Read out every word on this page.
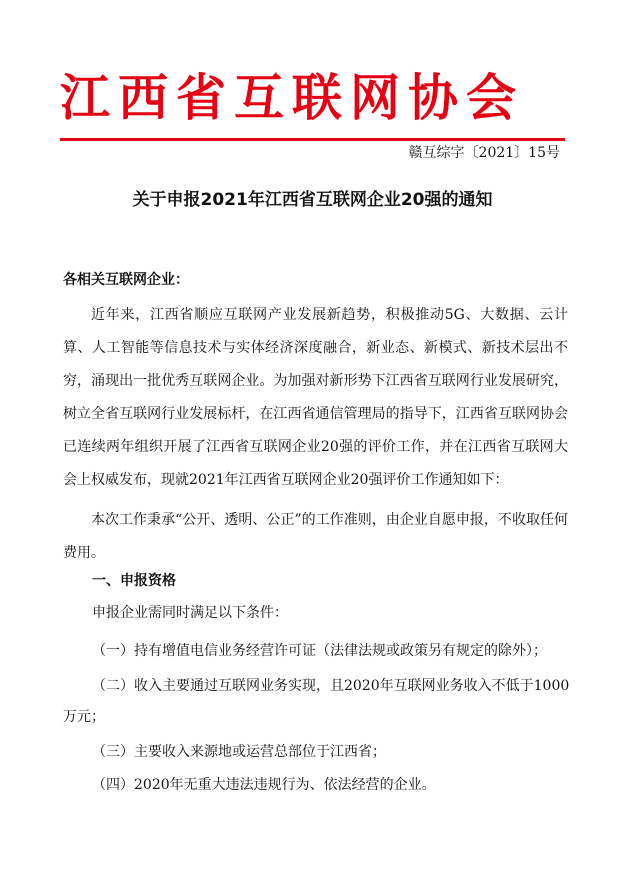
江西省互联网协会
赣互综字〔2021〕15号
关于申报2021年江西省互联网企业20强的通知
各相关互联网企业：
近年来，江西省顺应互联网产业发展新趋势，积极推动5G、大数据、云计算、人工智能等信息技术与实体经济深度融合，新业态、新模式、新技术层出不穷，涌现出一批优秀互联网企业。为加强对新形势下江西省互联网行业发展研究，树立全省互联网行业发展标杆，在江西省通信管理局的指导下，江西省互联网协会已连续两年组织开展了江西省互联网企业20强的评价工作，并在江西省互联网大会上权威发布，现就2021年江西省互联网企业20强评价工作通知如下：
本次工作秉承“公开、透明、公正”的工作准则，由企业自愿申报，不收取任何费用。
一、申报资格
申报企业需同时满足以下条件：
（一）持有增值电信业务经营许可证（法律法规或政策另有规定的除外）；
（二）收入主要通过互联网业务实现，且2020年互联网业务收入不低于1000
万元；
（三）主要收入来源地或运营总部位于江西省；
（四）2020年无重大违法违规行为、依法经营的企业。
